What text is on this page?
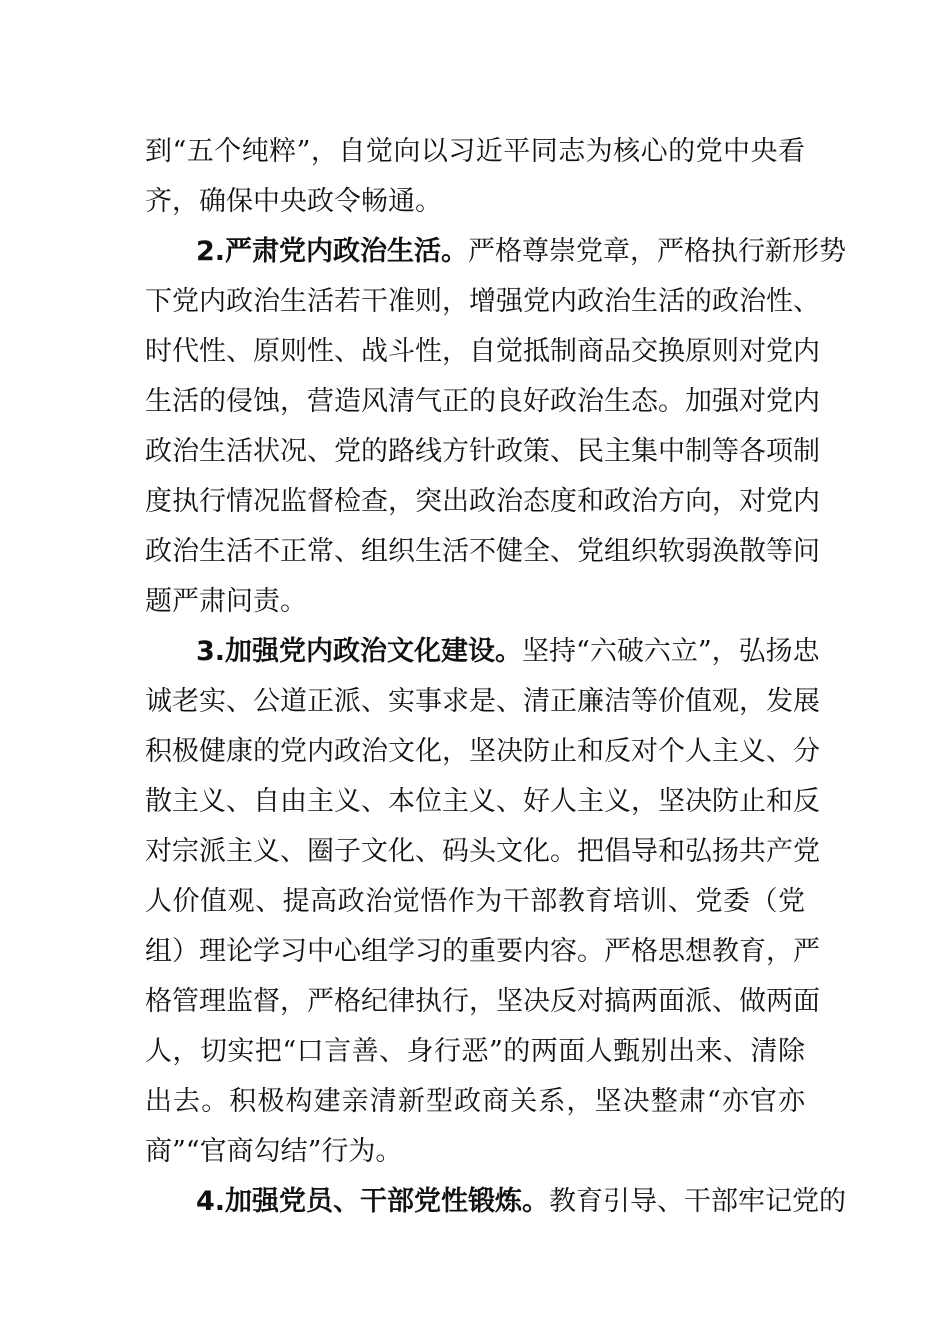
到“五个纯粹”，自觉向以习近平同志为核心的党中央看
齐，确保中央政令畅通。
2.严肃党内政治生活。严格尊崇党章，严格执行新形势
下党内政治生活若干准则，增强党内政治生活的政治性、
时代性、原则性、战斗性，自觉抵制商品交换原则对党内
生活的侵蚀，营造风清气正的良好政治生态。加强对党内
政治生活状况、党的路线方针政策、民主集中制等各项制
度执行情况监督检查，突出政治态度和政治方向，对党内
政治生活不正常、组织生活不健全、党组织软弱涣散等问
题严肃问责。
3.加强党内政治文化建设。坚持“六破六立”，弘扬忠
诚老实、公道正派、实事求是、清正廉洁等价值观，发展
积极健康的党内政治文化，坚决防止和反对个人主义、分
散主义、自由主义、本位主义、好人主义，坚决防止和反
对宗派主义、圈子文化、码头文化。把倡导和弘扬共产党
人价值观、提高政治觉悟作为干部教育培训、党委（党
组）理论学习中心组学习的重要内容。严格思想教育，严
格管理监督，严格纪律执行，坚决反对搞两面派、做两面
人，切实把“口言善、身行恶”的两面人甄别出来、清除
出去。积极构建亲清新型政商关系，坚决整肃“亦官亦
商”“官商勾结”行为。
4.加强党员、干部党性锻炼。教育引导、干部牢记党的
